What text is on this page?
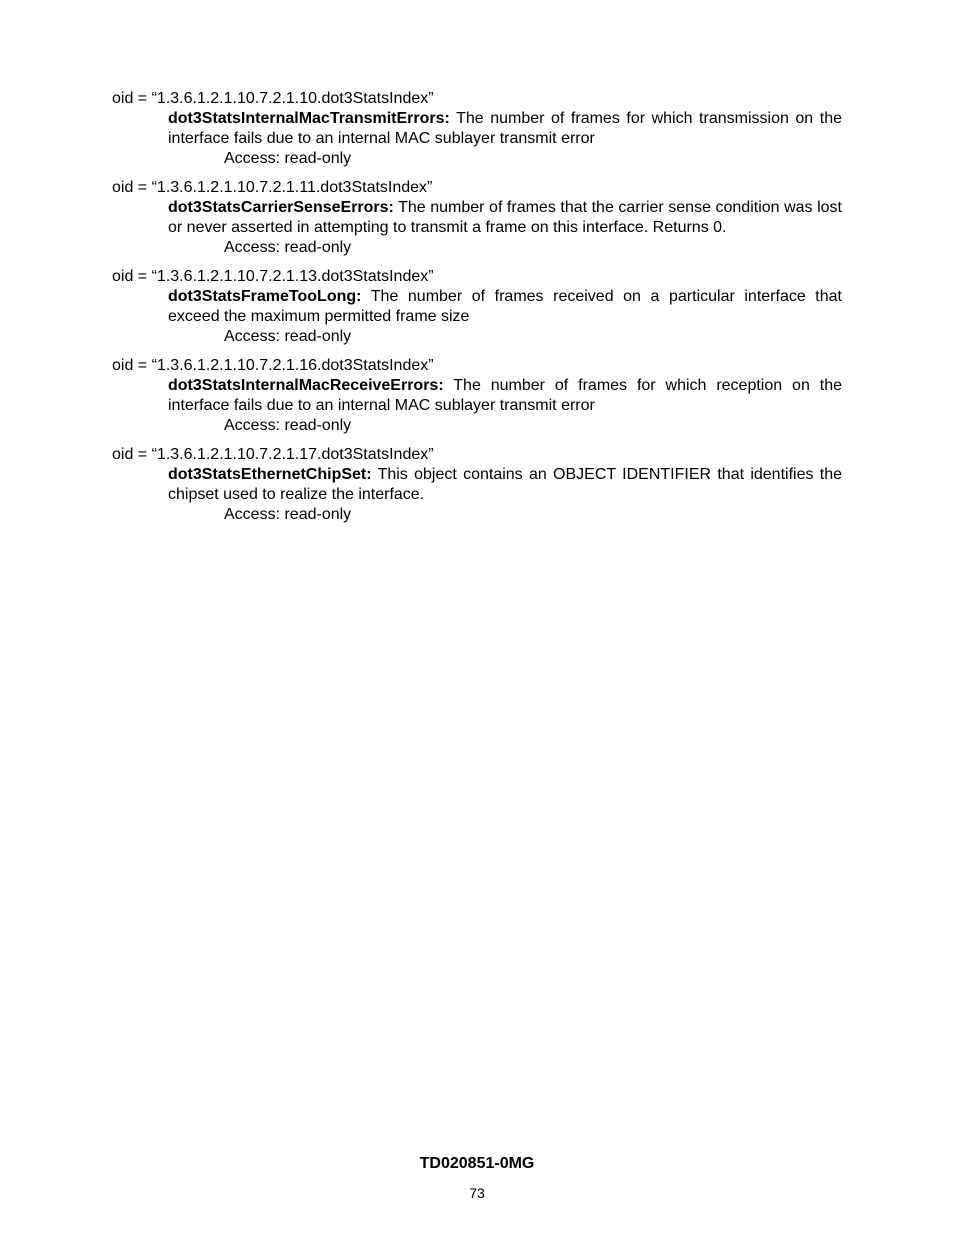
oid = “1.3.6.1.2.1.10.7.2.1.10.dot3StatsIndex”
dot3StatsInternalMacTransmitErrors: The number of frames for which transmission on the interface fails due to an internal MAC sublayer transmit error
Access: read-only
oid = “1.3.6.1.2.1.10.7.2.1.11.dot3StatsIndex”
dot3StatsCarrierSenseErrors: The number of frames that the carrier sense condition was lost or never asserted in attempting to transmit a frame on this interface. Returns 0.
Access: read-only
oid = “1.3.6.1.2.1.10.7.2.1.13.dot3StatsIndex”
dot3StatsFrameTooLong: The number of frames received on a particular interface that exceed the maximum permitted frame size
Access: read-only
oid = “1.3.6.1.2.1.10.7.2.1.16.dot3StatsIndex”
dot3StatsInternalMacReceiveErrors: The number of frames for which reception on the interface fails due to an internal MAC sublayer transmit error
Access: read-only
oid = “1.3.6.1.2.1.10.7.2.1.17.dot3StatsIndex”
dot3StatsEthernetChipSet: This object contains an OBJECT IDENTIFIER that identifies the chipset used to realize the interface.
Access: read-only
TD020851-0MG
73
